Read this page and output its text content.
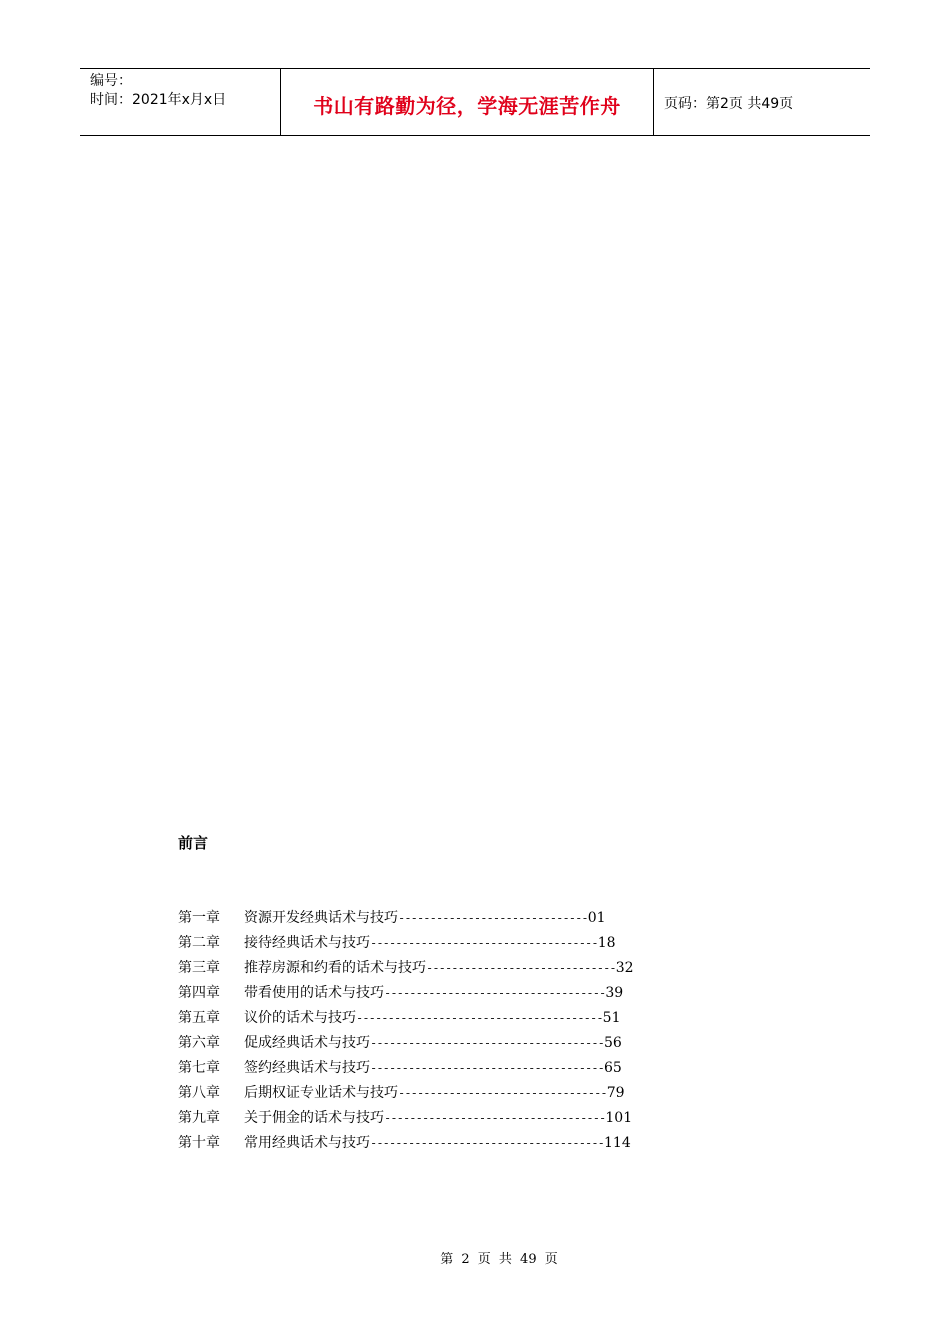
编号：
时间：2021年x月x日	书山有路勤为径，学海无涯苦作舟	页码：第2页 共49页
前言
第一章	资源开发经典话术与技巧 ------------------------------ 01
第二章	接待经典话术与技巧 ------------------------------------ 18
第三章	推荐房源和约看的话术与技巧 ------------------------------ 32
第四章	带看使用的话术与技巧 ----------------------------------- 39
第五章	议价的话术与技巧 --------------------------------------- 51
第六章	促成经典话术与技巧 ------------------------------------- 56
第七章	签约经典话术与技巧 ------------------------------------- 65
第八章	后期权证专业话术与技巧 --------------------------------- 79
第九章	关于佣金的话术与技巧 ----------------------------------- 101
第十章	常用经典话术与技巧 ------------------------------------- 114
第 2 页 共 49 页
